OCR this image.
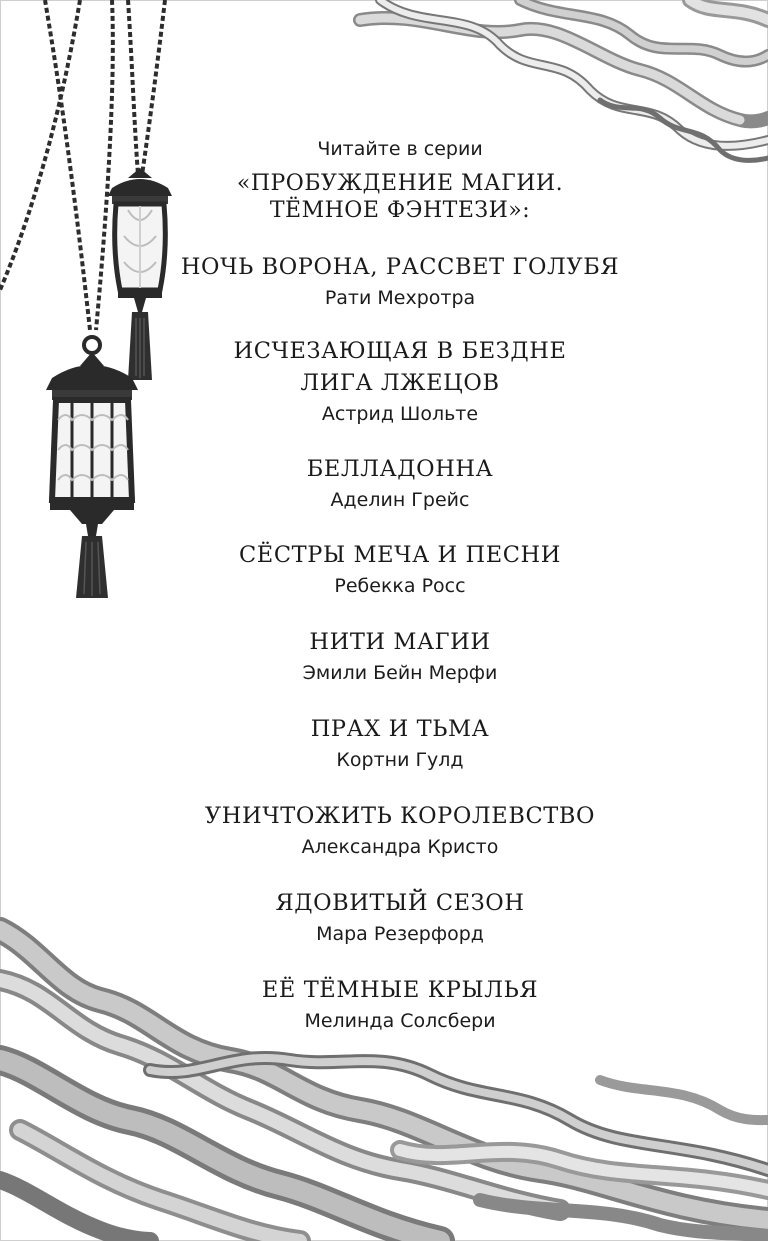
Читайте в серии

«ПРОБУЖДЕНИЕ МАГИИ.
ТЁМНОЕ ФЭНТЕЗИ»:
НОЧЬ ВОРОНА, РАССВЕТ ГОЛУБЯ
Рати Мехротра
ИСЧЕЗАЮЩАЯ В БЕЗДНЕ
ЛИГА ЛЖЕЦОВ
Астрид Шольте
БЕЛЛАДОННА
Аделин Грейс
СЁСТРЫ МЕЧА И ПЕСНИ
Ребекка Росс
НИТИ МАГИИ
Эмили Бейн Мерфи
ПРАХ И ТЬМА
Кортни Гулд
УНИЧТОЖИТЬ КОРОЛЕВСТВО
Александра Кристо
ЯДОВИТЫЙ СЕЗОН
Мара Резерфорд
ЕЁ ТЁМНЫЕ КРЫЛЬЯ
Мелинда Солсбери
